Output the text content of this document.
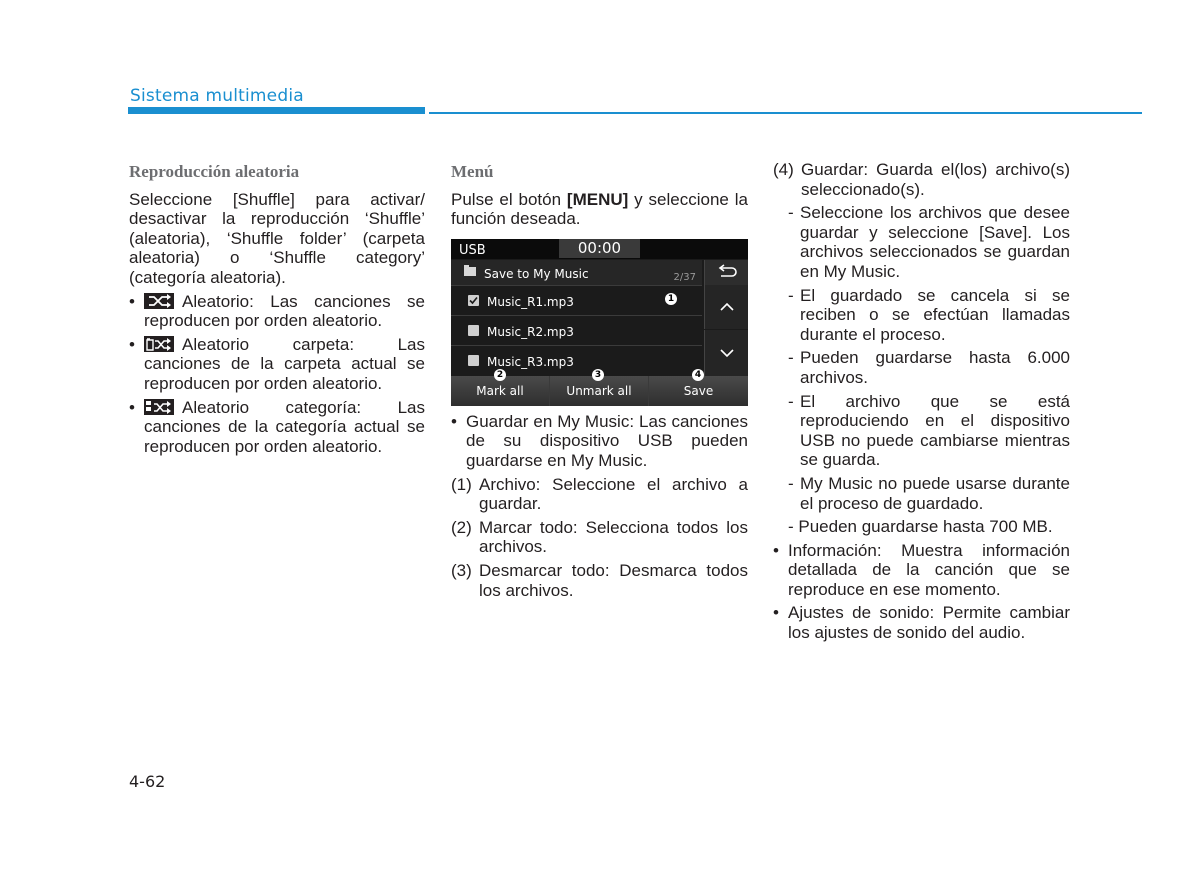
Sistema multimedia
Reproducción aleatoria

Seleccione [Shuffle] para activar/ desactivar la reproducción ‘Shuffle’ (aleatoria), ‘Shuffle folder’ (carpeta aleatoria) o ‘Shuffle category’ (categoría aleatoria).

• Aleatorio: Las canciones se reproducen por orden aleatorio.
• Aleatorio carpeta: Las canciones de la carpeta actual se reproducen por orden aleatorio.
• Aleatorio categoría: Las canciones de la categoría actual se reproducen por orden aleatorio.
Menú

Pulse el botón [MENU] y seleccione la función deseada.

USB	00:00
Save to My Music	2/37
Music_R1.mp3
Music_R2.mp3
Music_R3.mp3
Mark all	Unmark all	Save
1
2	3	4
• Guardar en My Music: Las canciones de su dispositivo USB pueden guardarse en My Music.
(1) Archivo: Seleccione el archivo a guardar.
(2) Marcar todo: Selecciona todos los archivos.
(3) Desmarcar todo: Desmarca todos los archivos.
(4) Guardar: Guarda el(los) archivo(s) seleccionado(s).
- Seleccione los archivos que desee guardar y seleccione [Save]. Los archivos seleccionados se guardan en My Music.
- El guardado se cancela si se reciben o se efectúan llamadas durante el proceso.
- Pueden guardarse hasta 6.000 archivos.
- El archivo que se está reproduciendo en el dispositivo USB no puede cambiarse mientras se guarda.
- My Music no puede usarse durante el proceso de guardado.
- Pueden guardarse hasta 700 MB.
• Información: Muestra información detallada de la canción que se reproduce en ese momento.
• Ajustes de sonido: Permite cambiar los ajustes de sonido del audio.
4-62
